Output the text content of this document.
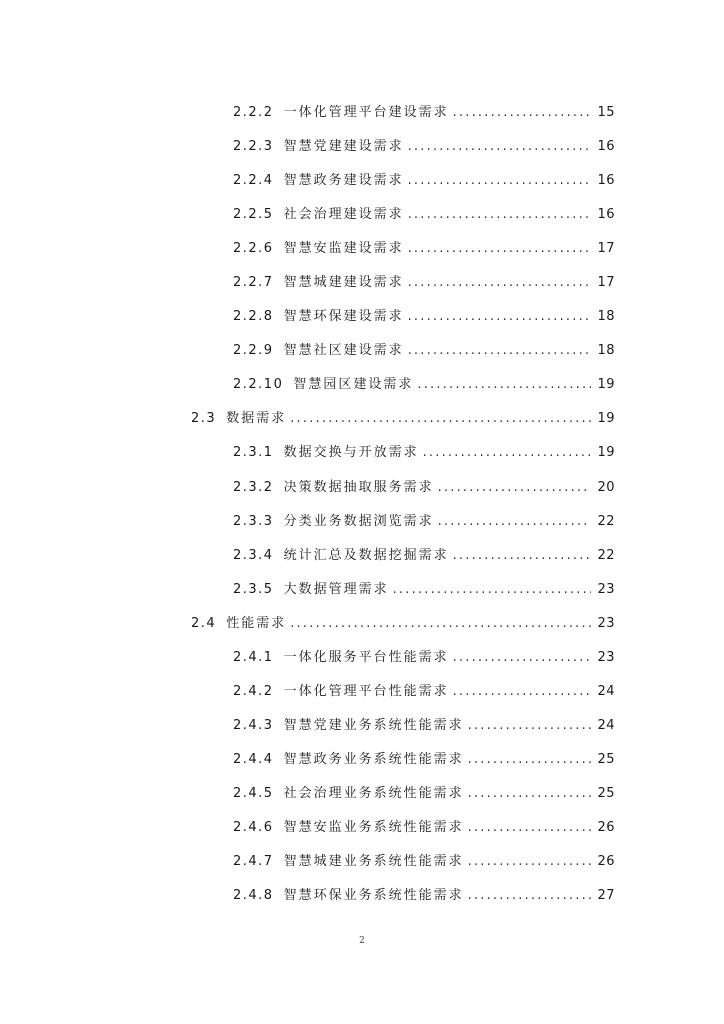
2.2.2 一体化管理平台建设需求 .....	15
2.2.3 智慧党建建设需求 .....	16
2.2.4 智慧政务建设需求 .....	16
2.2.5 社会治理建设需求 .....	16
2.2.6 智慧安监建设需求 .....	17
2.2.7 智慧城建建设需求 .....	17
2.2.8 智慧环保建设需求 .....	18
2.2.9 智慧社区建设需求 .....	18
2.2.10 智慧园区建设需求 .....	19
2.3 数据需求 .....	19
2.3.1 数据交换与开放需求 .....	19
2.3.2 决策数据抽取服务需求 .....	20
2.3.3 分类业务数据浏览需求 .....	22
2.3.4 统计汇总及数据挖掘需求 .....	22
2.3.5 大数据管理需求 .....	23
2.4 性能需求 .....	23
2.4.1 一体化服务平台性能需求 .....	23
2.4.2 一体化管理平台性能需求 .....	24
2.4.3 智慧党建业务系统性能需求 .....	24
2.4.4 智慧政务业务系统性能需求 .....	25
2.4.5 社会治理业务系统性能需求 .....	25
2.4.6 智慧安监业务系统性能需求 .....	26
2.4.7 智慧城建业务系统性能需求 .....	26
2.4.8 智慧环保业务系统性能需求 .....	27
2
